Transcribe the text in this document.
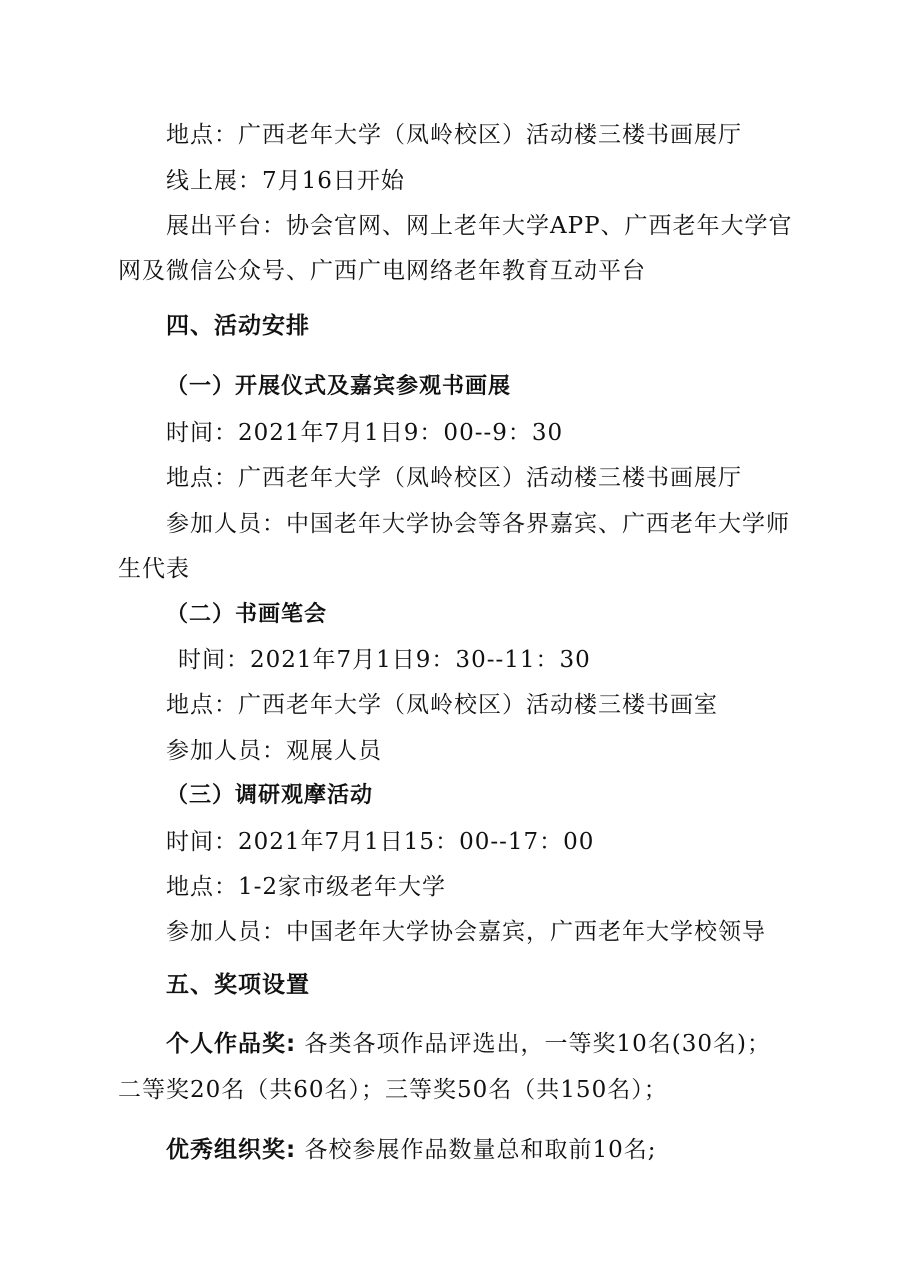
地点：广西老年大学（凤岭校区）活动楼三楼书画展厅
线上展：7月16日开始
展出平台：协会官网、网上老年大学APP、广西老年大学官
网及微信公众号、广西广电网络老年教育互动平台
四、活动安排
（一）开展仪式及嘉宾参观书画展
时间：2021年7月1日9：00--9：30
地点：广西老年大学（凤岭校区）活动楼三楼书画展厅
参加人员：中国老年大学协会等各界嘉宾、广西老年大学师
生代表
（二）书画笔会
时间：2021年7月1日9：30--11：30
地点：广西老年大学（凤岭校区）活动楼三楼书画室
参加人员：观展人员
（三）调研观摩活动
时间：2021年7月1日15：00--17：00
地点：1-2家市级老年大学
参加人员：中国老年大学协会嘉宾，广西老年大学校领导
五、奖项设置
个人作品奖: 各类各项作品评选出，一等奖10名(30名)；
二等奖20名（共60名）；三等奖50名（共150名）；
优秀组织奖: 各校参展作品数量总和取前10名;
